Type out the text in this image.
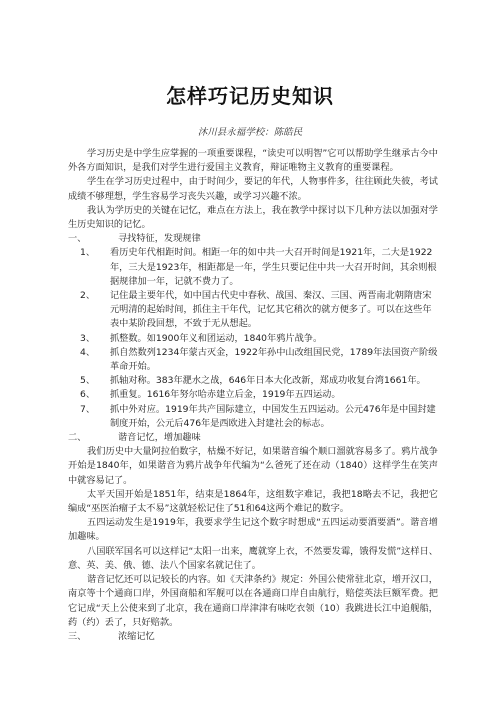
怎样巧记历史知识
沐川县永福学校：陈皓民

学习历史是中学生应掌握的一项重要课程，“读史可以明智”它可以帮助学生继承古今中外各方面知识，是我们对学生进行爱国主义教育，辩证唯物主义教育的重要课程。

学生在学习历史过程中，由于时间少，要记的年代，人物事件多，往往顾此失彼，考试成绩不够理想，学生容易学习丧失兴趣，或学习兴趣不浓。

我认为学历史的关键在记忆，难点在方法上，我在教学中探讨以下几种方法以加强对学生历史知识的记忆。

一、	寻找特征，发现规律
1、	看历史年代相距时间。相距一年的如中共一大召开时间是1921年，二大是1922年，三大是1923年，相距都是一年，学生只要记住中共一大召开时间，其余则根据规律加一年，记就不费力了。
2、	记住最主要年代，如中国古代史中春秋、战国、秦汉、三国、两晋南北朝隋唐宋元明清的起始时间，抓住主干年代，记忆其它稍次的就方便多了。可以在这些年表中某阶段回想，不致于无从想起。
3、	抓整数。如1900年义和团运动，1840年鸦片战争。
4、	抓自然数列1234年蒙古灭金，1922年孙中山改组国民党，1789年法国资产阶级革命开始。
5、	抓轴对称。383年淝水之战，646年日本大化改新，郑成功收复台湾1661年。
6、	抓重复。1616年努尔哈赤建立后金，1919年五四运动。
7、	抓中外对应。1919年共产国际建立，中国发生五四运动。公元476年是中国封建制度开始，公元后476年是西欧进入封建社会的标志。
二、	谐音记忆，增加趣味

我们历史中大量阿拉伯数字，枯燥不好记，如果谐音编个顺口溜就容易多了。鸦片战争开始是1840年，如果谐音为鸦片战争年代编为“么爸死了还在动（1840）这样学生在笑声中就容易记了。

太平天国开始是1851年，结束是1864年，这组数字难记，我把18略去不记，我把它编成“巫医治瘤子太不易”这就轻松记住了51和64这两个难记的数字。

五四运动发生是1919年，我要求学生记这个数字时想成“五四运动要酒要酒”。谐音增加趣味。

八国联军国名可以这样记“太阳一出来，鹰就穿上衣，不然要发霉，饿得发慌”这样日、意、英、美、俄、德、法八个国家名就记住了。

谐音记忆还可以记较长的内容。如《天津条约》规定：外国公使常驻北京，增开汉口，南京等十个通商口岸，外国商船和军舰可以在各通商口岸自由航行，赔偿英法巨额军费。把它记成“天上公使来到了北京，我在通商口岸津津有味吃衣领（10）我跳进长江中追舰船，药（约）丢了，只好赔款。

三、	浓缩记忆
